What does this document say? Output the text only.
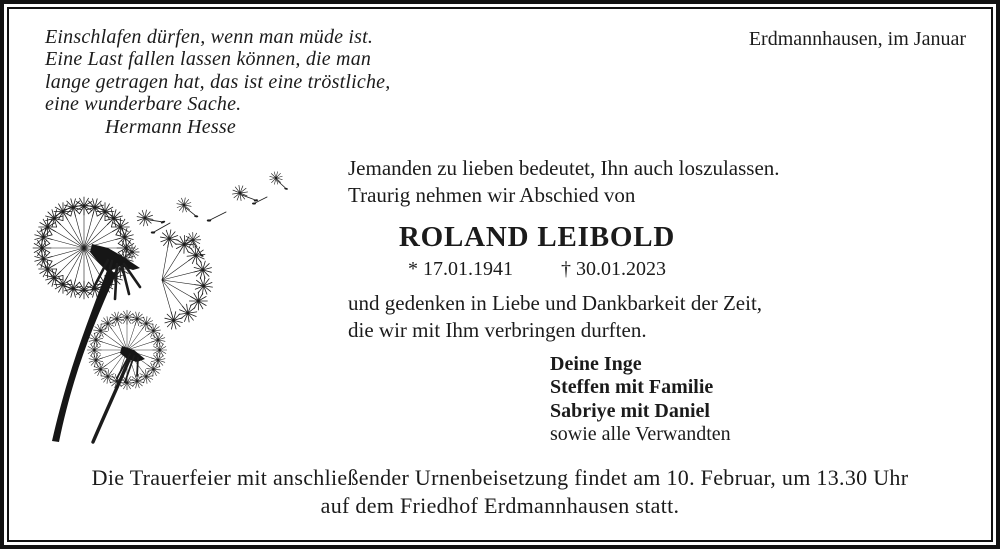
Einschlafen dürfen, wenn man müde ist.
Eine Last fallen lassen können, die man
lange getragen hat, das ist eine tröstliche,
eine wunderbare Sache.
Hermann Hesse
Erdmannhausen, im Januar
Jemanden zu lieben bedeutet, Ihn auch loszulassen.
Traurig nehmen wir Abschied von
ROLAND LEIBOLD
* 17.01.1941 † 30.01.2023
und gedenken in Liebe und Dankbarkeit der Zeit,
die wir mit Ihm verbringen durften.
Deine Inge
Steffen mit Familie
Sabriye mit Daniel
sowie alle Verwandten
Die Trauerfeier mit anschließender Urnenbeisetzung findet am 10. Februar, um 13.30 Uhr
auf dem Friedhof Erdmannhausen statt.
